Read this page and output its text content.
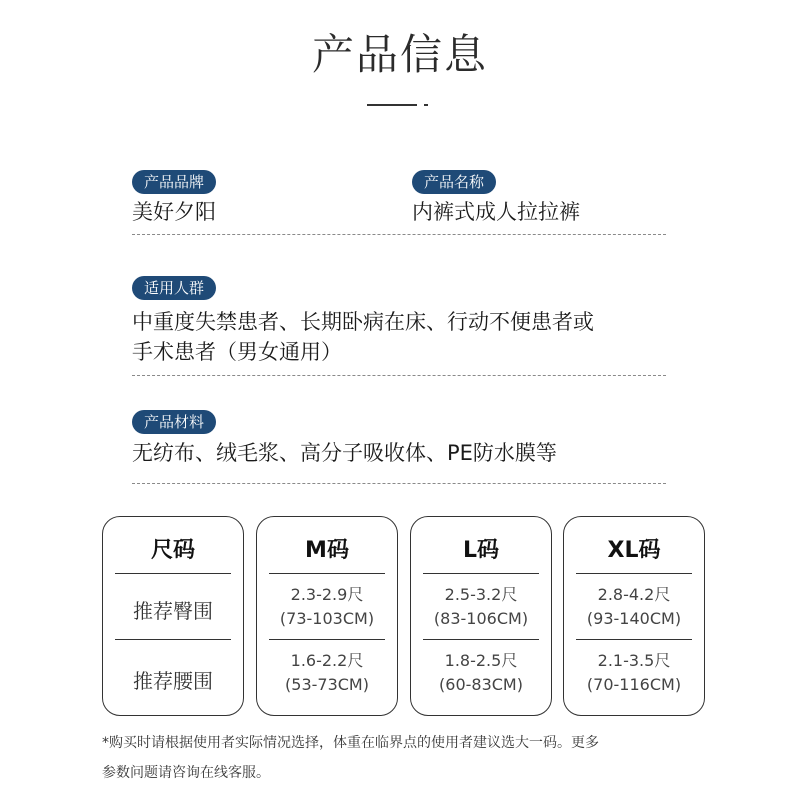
产品信息
产品品牌
美好夕阳
产品名称
内裤式成人拉拉裤
适用人群
中重度失禁患者、长期卧病在床、行动不便患者或
手术患者（男女通用）
产品材料
无纺布、绒毛浆、高分子吸收体、PE防水膜等
尺码
推荐臀围
推荐腰围
M码
2.3-2.9尺
(73-103CM)
1.6-2.2尺
(53-73CM)
L码
2.5-3.2尺
(83-106CM)
1.8-2.5尺
(60-83CM)
XL码
2.8-4.2尺
(93-140CM)
2.1-3.5尺
(70-116CM)
*购买时请根据使用者实际情况选择，体重在临界点的使用者建议选大一码。更多
参数问题请咨询在线客服。
